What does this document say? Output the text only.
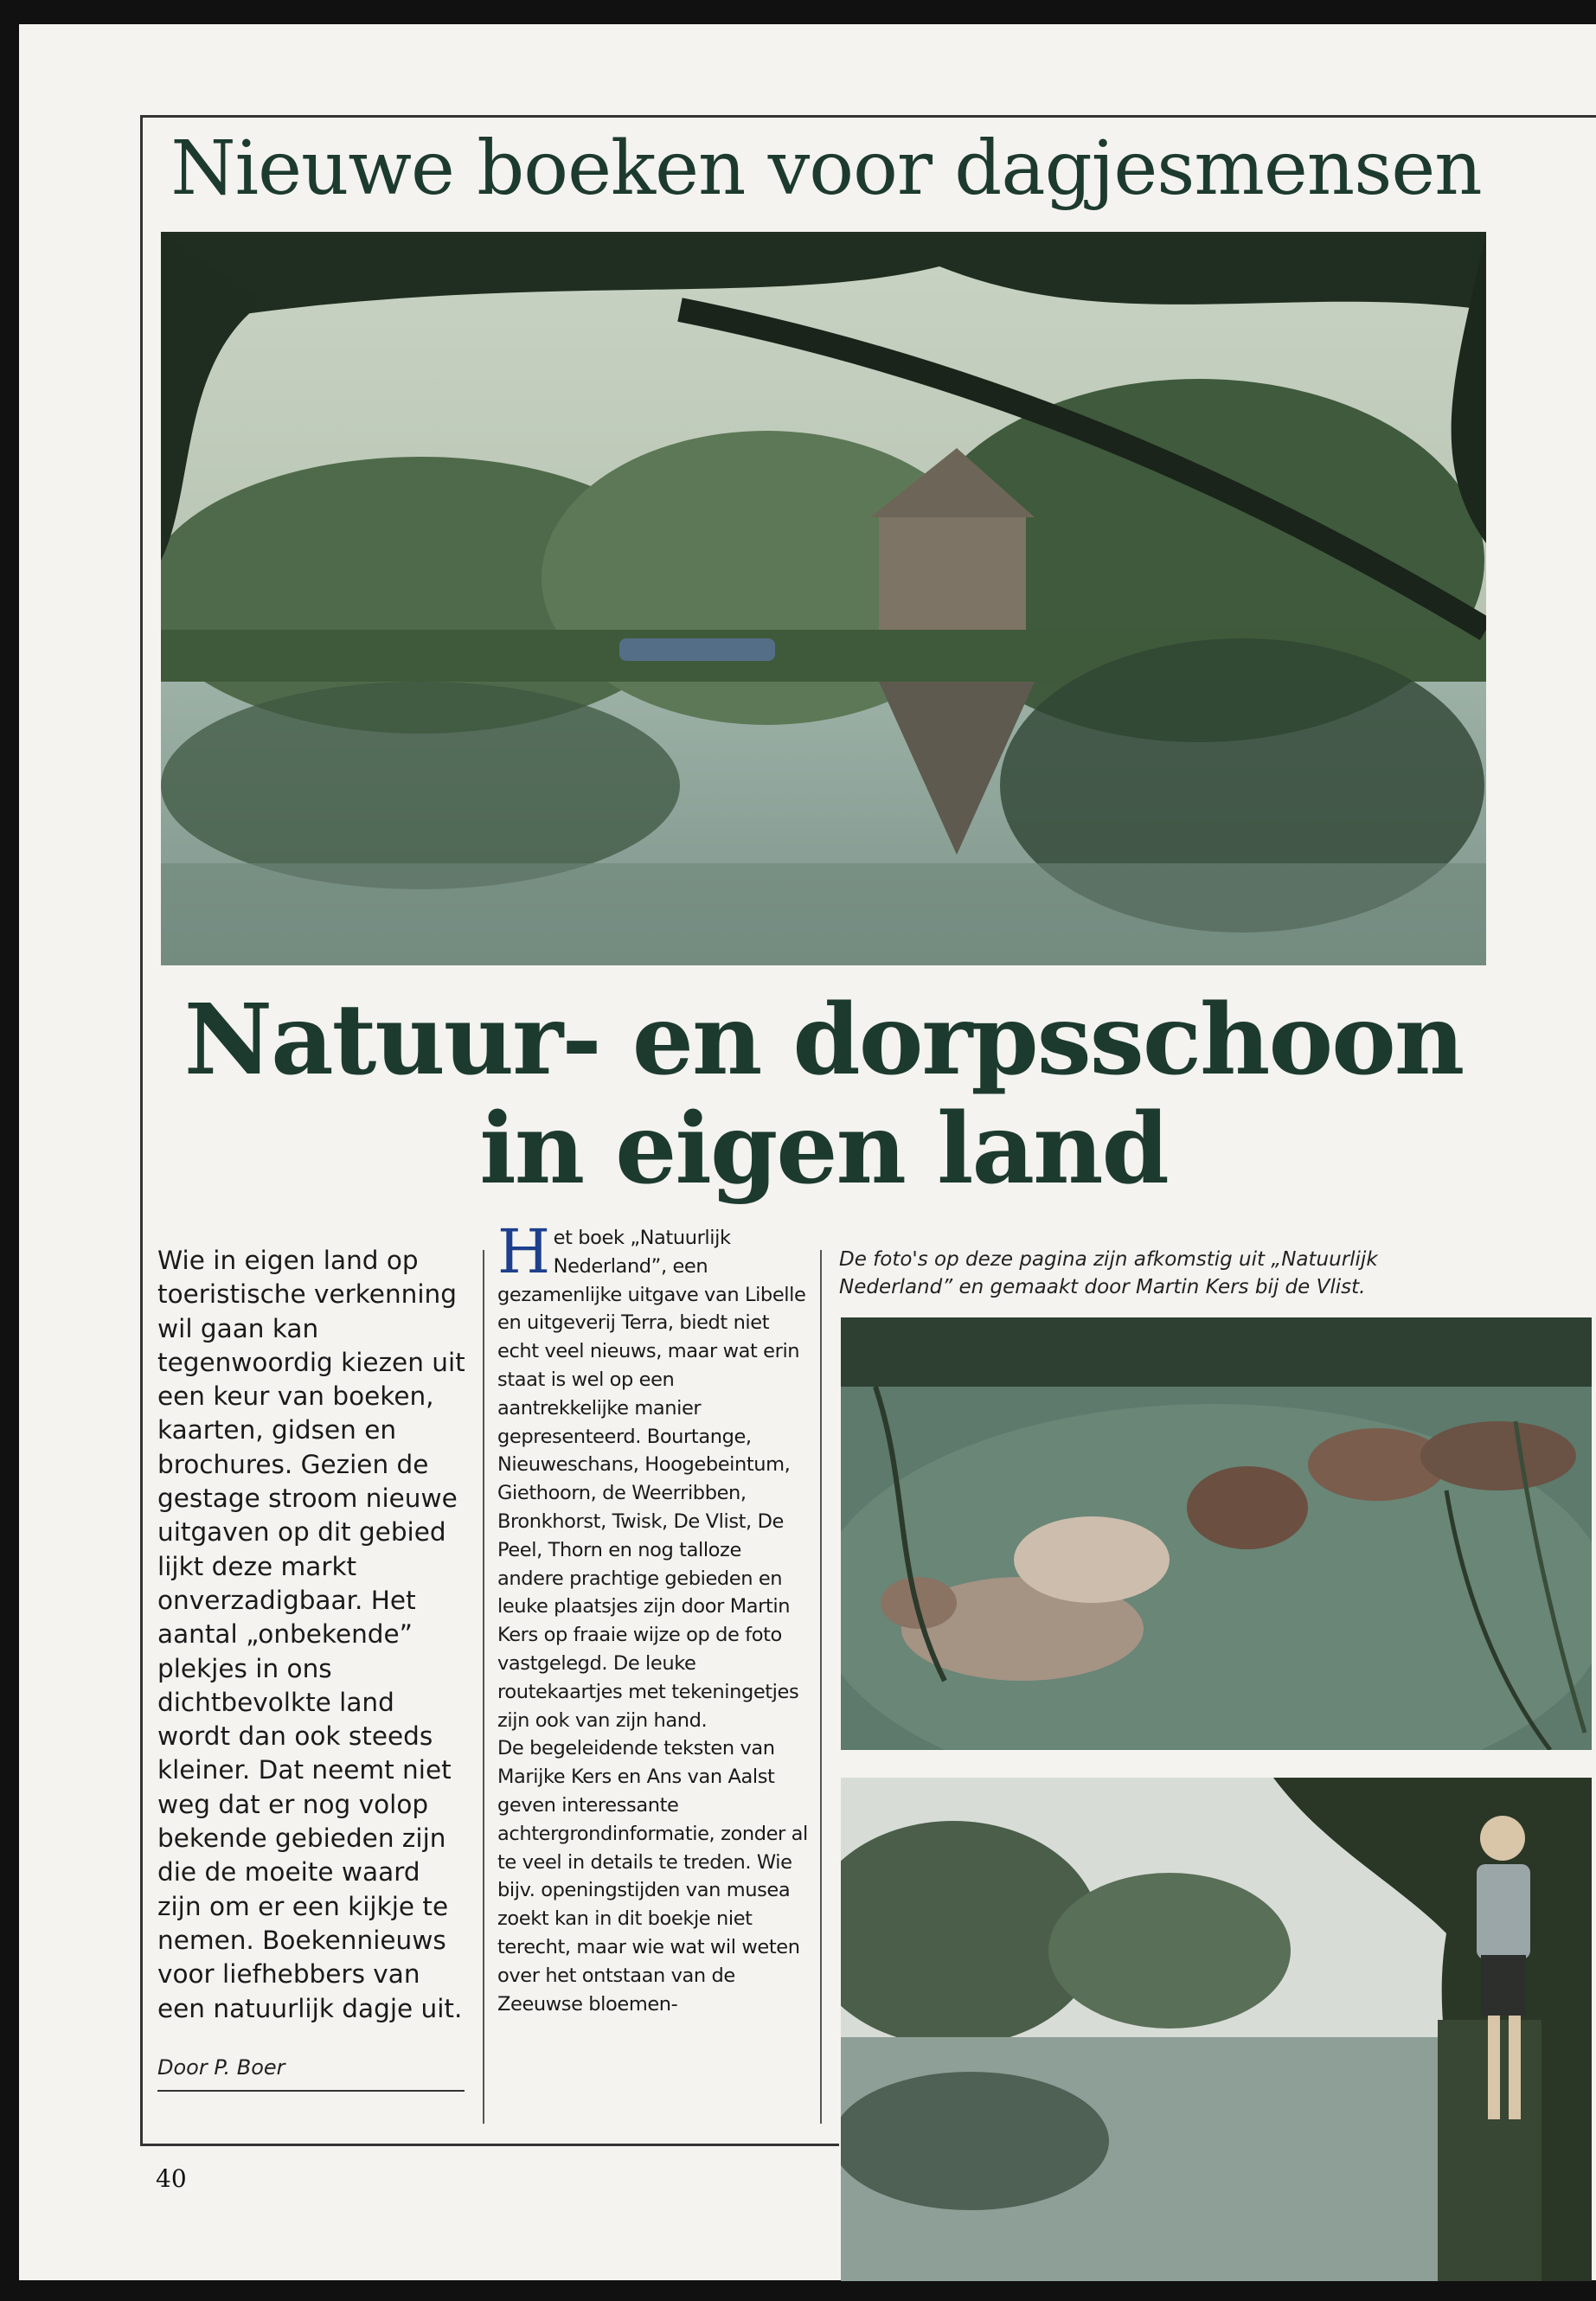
Nieuwe boeken voor dagjesmensen
Natuur- en dorpsschoon
in eigen land
Wie in eigen land op toeristische verkenning wil gaan kan tegenwoordig kiezen uit een keur van boeken, kaarten, gidsen en brochures. Gezien de gestage stroom nieuwe uitgaven op dit gebied lijkt deze markt onverzadigbaar. Het aantal „onbekende” plekjes in ons dichtbevolkte land wordt dan ook steeds kleiner. Dat neemt niet weg dat er nog volop bekende gebieden zijn die de moeite waard zijn om er een kijkje te nemen. Boekennieuws voor liefhebbers van een natuurlijk dagje uit.
Door P. Boer
Het boek „Natuurlijk Nederland”, een gezamenlijke uitgave van Libelle en uitgeverij Terra, biedt niet echt veel nieuws, maar wat erin staat is wel op een aantrekkelijke manier gepresenteerd. Bourtange, Nieuweschans, Hoogebeintum, Giethoorn, de Weerribben, Bronkhorst, Twisk, De Vlist, De Peel, Thorn en nog talloze andere prachtige gebieden en leuke plaatsjes zijn door Martin Kers op fraaie wijze op de foto vastgelegd. De leuke routekaartjes met tekeningetjes zijn ook van zijn hand.
De begeleidende teksten van Marijke Kers en Ans van Aalst geven interessante achtergrondinformatie, zonder al te veel in details te treden. Wie bijv. openingstijden van musea zoekt kan in dit boekje niet terecht, maar wie wat wil weten over het ontstaan van de Zeeuwse bloemen-
De foto's op deze pagina zijn afkomstig uit „Natuurlijk Nederland” en gemaakt door Martin Kers bij de Vlist.
40
